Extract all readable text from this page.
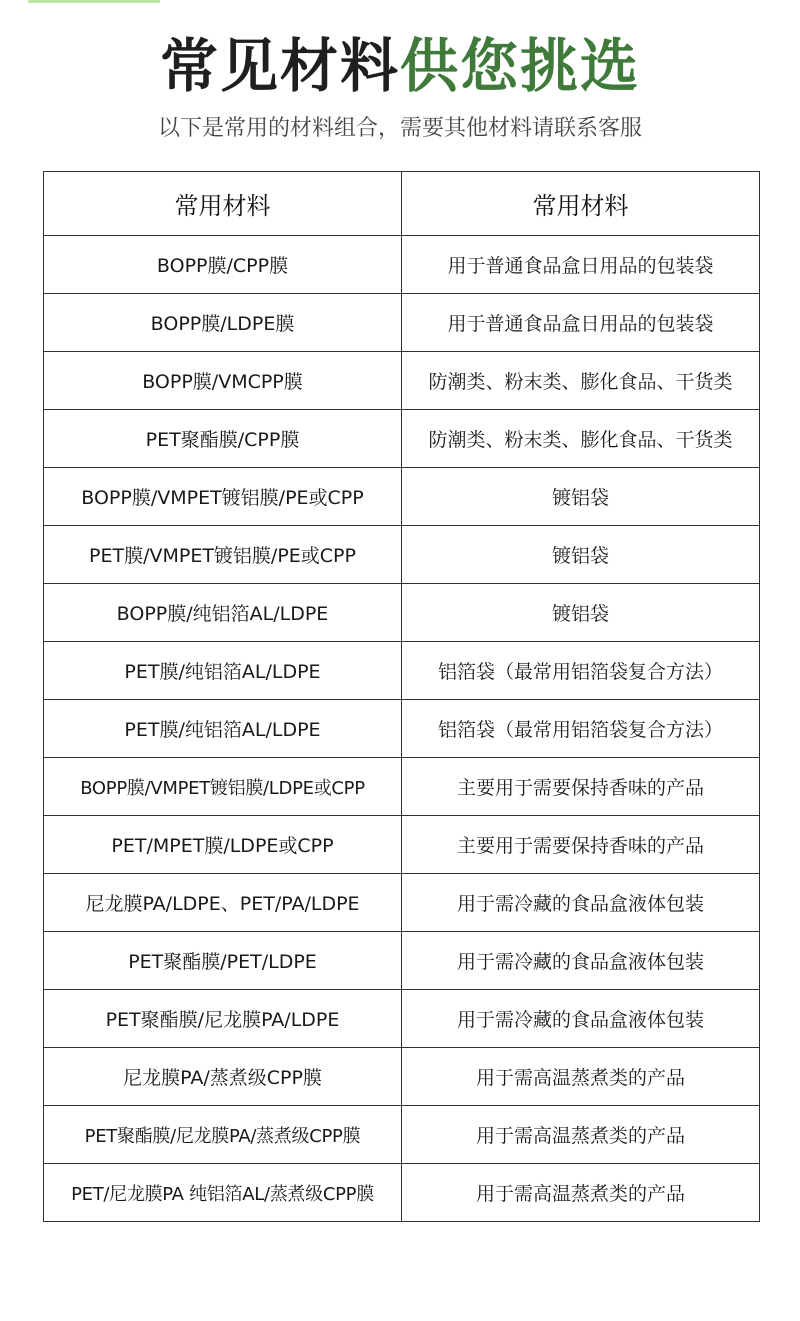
常见材料供您挑选
以下是常用的材料组合，需要其他材料请联系客服
常用材料	常用材料
BOPP膜/CPP膜	用于普通食品盒日用品的包装袋
BOPP膜/LDPE膜	用于普通食品盒日用品的包装袋
BOPP膜/VMCPP膜	防潮类、粉末类、膨化食品、干货类
PET聚酯膜/CPP膜	防潮类、粉末类、膨化食品、干货类
BOPP膜/VMPET镀铝膜/PE或CPP	镀铝袋
PET膜/VMPET镀铝膜/PE或CPP	镀铝袋
BOPP膜/纯铝箔AL/LDPE	镀铝袋
PET膜/纯铝箔AL/LDPE	铝箔袋（最常用铝箔袋复合方法）
PET膜/纯铝箔AL/LDPE	铝箔袋（最常用铝箔袋复合方法）
BOPP膜/VMPET镀铝膜/LDPE或CPP	主要用于需要保持香味的产品
PET/MPET膜/LDPE或CPP	主要用于需要保持香味的产品
尼龙膜PA/LDPE、PET/PA/LDPE	用于需冷藏的食品盒液体包装
PET聚酯膜/PET/LDPE	用于需冷藏的食品盒液体包装
PET聚酯膜/尼龙膜PA/LDPE	用于需冷藏的食品盒液体包装
尼龙膜PA/蒸煮级CPP膜	用于需高温蒸煮类的产品
PET聚酯膜/尼龙膜PA/蒸煮级CPP膜	用于需高温蒸煮类的产品
PET/尼龙膜PA 纯铝箔AL/蒸煮级CPP膜	用于需高温蒸煮类的产品
